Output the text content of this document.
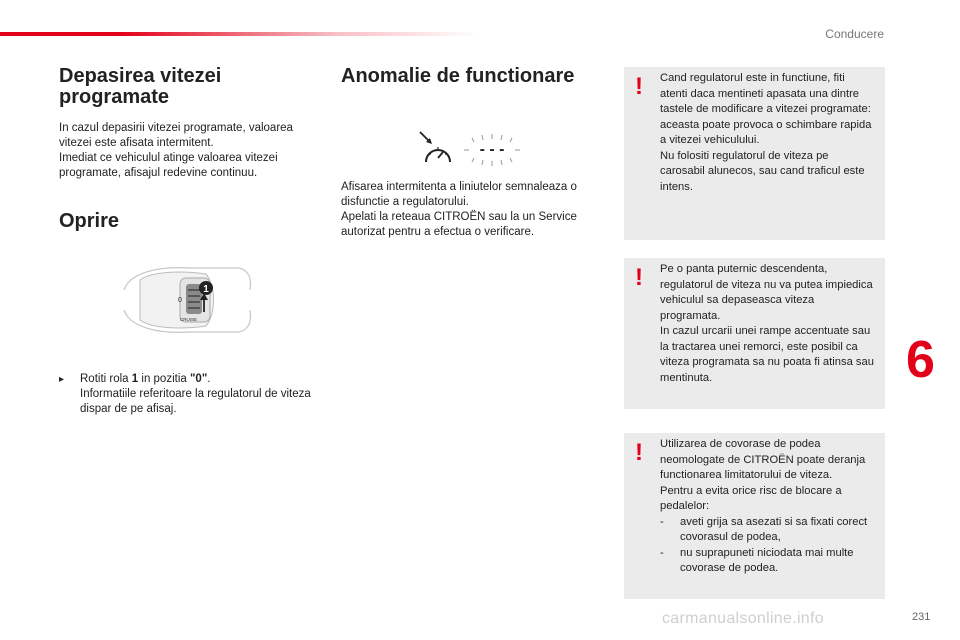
Conducere
Depasirea vitezei programate

In cazul depasirii vitezei programate, valoarea vitezei este afisata intermitent.
Imediat ce vehiculul atinge valoarea vitezei programate, afisajul redevine continuu.

Oprire
1
0
CRUISE
▸	Rotiti rola 1 in pozitia "0".
Informatiile referitoare la regulatorul de viteza dispar de pe afisaj.
Anomalie de functionare
- - -

Afisarea intermitenta a liniutelor semnaleaza o disfunctie a regulatorului.
Apelati la reteaua CITROËN sau la un Service autorizat pentru a efectua o verificare.

! Cand regulatorul este in functiune, fiti atenti daca mentineti apasata una dintre tastele de modificare a vitezei programate: aceasta poate provoca o schimbare rapida a vitezei vehiculului.
Nu folositi regulatorul de viteza pe carosabil alunecos, sau cand traficul este intens.
! Pe o panta puternic descendenta, regulatorul de viteza nu va putea impiedica vehiculul sa depaseasca viteza programata.
In cazul urcarii unei rampe accentuate sau la tractarea unei remorci, este posibil ca viteza programata sa nu poata fi atinsa sau mentinuta.
! Utilizarea de covorase de podea neomologate de CITROËN poate deranja functionarea limitatorului de viteza.
Pentru a evita orice risc de blocare a pedalelor:
-	aveti grija sa asezati si sa fixati corect covorasul de podea,
-	nu suprapuneti niciodata mai multe covorase de podea.
6
carmanualsonline.info	231
